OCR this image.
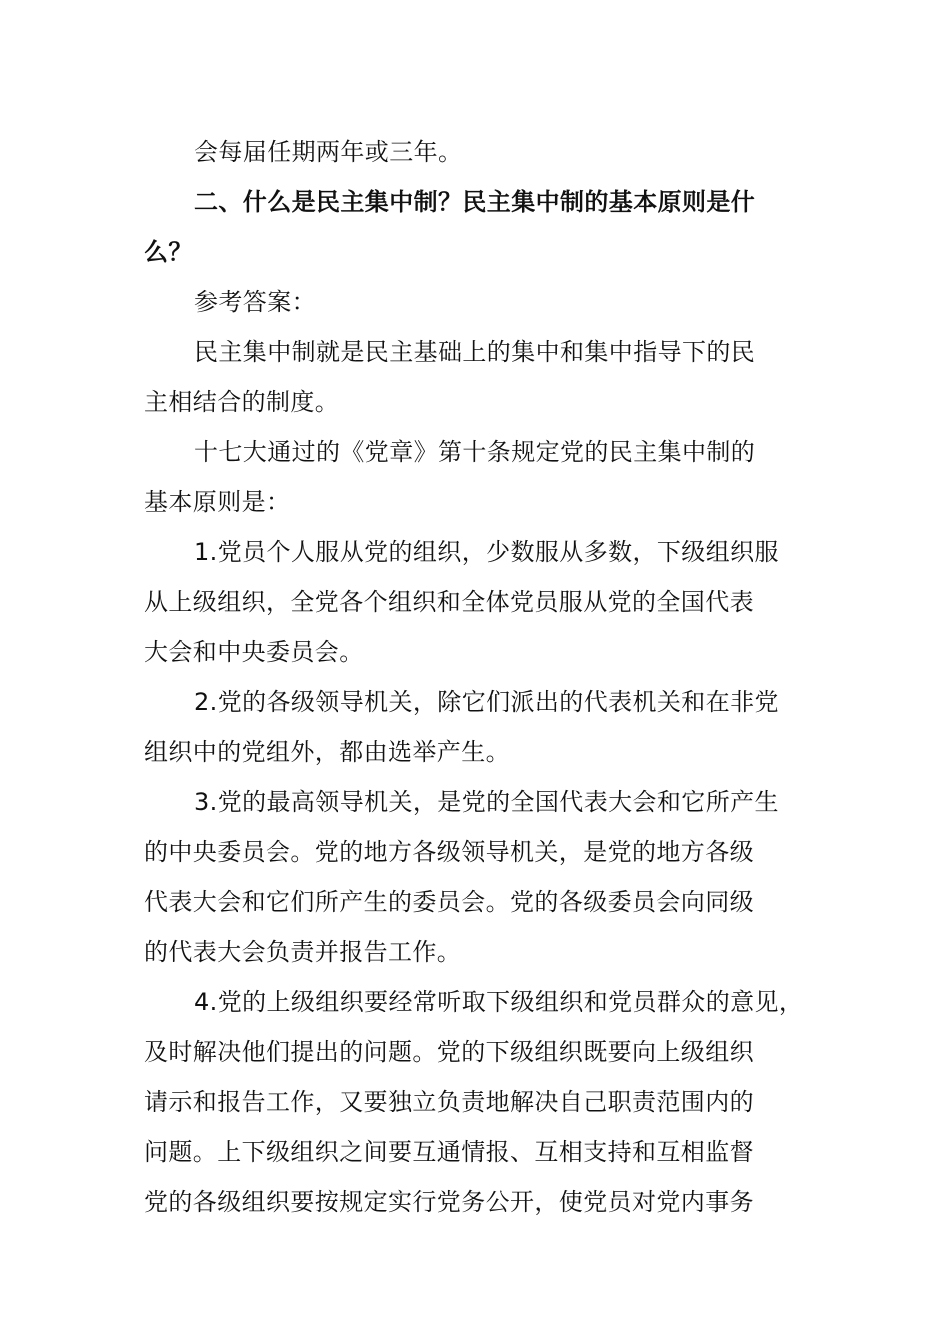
会每届任期两年或三年。
二、什么是民主集中制？民主集中制的基本原则是什
么？
参考答案：
民主集中制就是民主基础上的集中和集中指导下的民
主相结合的制度。
十七大通过的《党章》第十条规定党的民主集中制的
基本原则是：
1.党员个人服从党的组织，少数服从多数，下级组织服
从上级组织，全党各个组织和全体党员服从党的全国代表
大会和中央委员会。
2.党的各级领导机关，除它们派出的代表机关和在非党
组织中的党组外，都由选举产生。
3.党的最高领导机关，是党的全国代表大会和它所产生
的中央委员会。党的地方各级领导机关，是党的地方各级
代表大会和它们所产生的委员会。党的各级委员会向同级
的代表大会负责并报告工作。
4.党的上级组织要经常听取下级组织和党员群众的意见，
及时解决他们提出的问题。党的下级组织既要向上级组织
请示和报告工作，又要独立负责地解决自己职责范围内的
问题。上下级组织之间要互通情报、互相支持和互相监督
党的各级组织要按规定实行党务公开，使党员对党内事务
